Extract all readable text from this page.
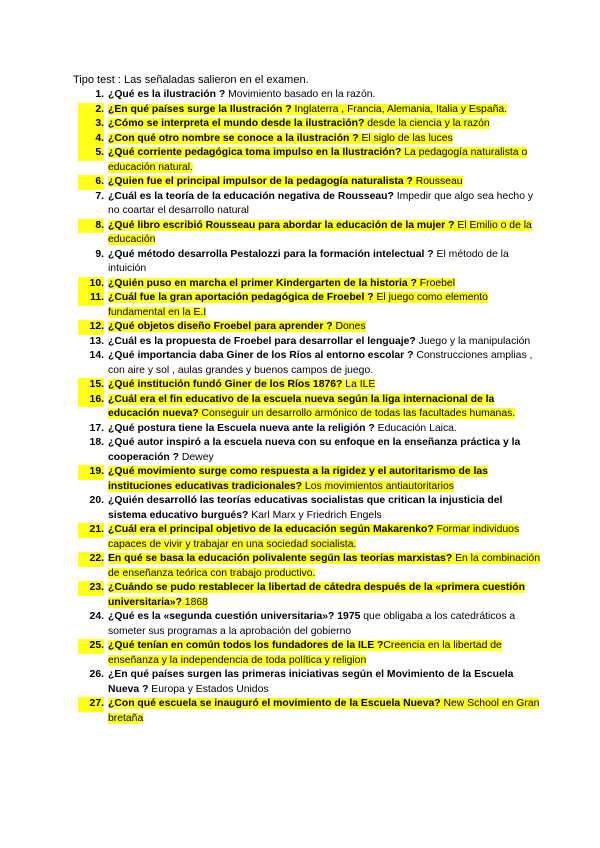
Tipo test : Las señaladas salieron en el examen.
1. ¿Qué es la ilustración ? Movimiento basado en la razón.
2. ¿En qué países surge la Ilustración ? Inglaterra , Francia, Alemania, Italia y España.
3. ¿Cómo se interpreta el mundo desde la ilustración? desde la ciencia y la razón
4. ¿Con qué otro nombre se conoce a la ilustración ? El siglo de las luces
5. ¿Qué corriente pedagógica toma impulso en la Ilustración? La pedagogía naturalista o educación natural.
6. ¿Quien fue el principal impulsor de la pedagogía naturalista ? Rousseau
7. ¿Cuál es la teoría de la educación negativa de Rousseau? Impedir que algo sea hecho y no coartar el desarrollo natural
8. ¿Qué libro escribió Rousseau para abordar la educación de la mujer ? El Emilio o de la educación
9. ¿Qué método desarrolla Pestalozzi para la formación intelectual ? El método de la intuición
10. ¿Quién puso en marcha el primer Kindergarten de la historia ? Froebel
11. ¿Cuál fue la gran aportación pedagógica de Froebel ? El juego como elemento fundamental en la E.I
12. ¿Qué objetos diseño Froebel para aprender ? Dones
13. ¿Cuál es la propuesta de Froebel para desarrollar el lenguaje? Juego y la manipulación
14. ¿Qué importancia daba Giner de los Ríos al entorno escolar ? Construcciones amplias , con aire y sol , aulas grandes y buenos campos de juego.
15. ¿Qué institución fundó Giner de los Ríos 1876? La ILE
16. ¿Cuál era el fin educativo de la escuela nueva según la liga internacional de la educación nueva? Conseguir un desarrollo armónico de todas las facultades humanas.
17. ¿Qué postura tiene la Escuela nueva ante la religión ? Educación Laica.
18. ¿Qué autor inspiró a la escuela nueva con su enfoque en la enseñanza práctica y la cooperación ? Dewey
19. ¿Qué movimiento surge como respuesta a la rigidez y el autoritarismo de las instituciones educativas tradicionales? Los movimientos antiautoritarios
20. ¿Quién desarrolló las teorías educativas socialistas que critican la injusticia del sistema educativo burgués? Karl Marx y Friedrich Engels
21. ¿Cuál era el principal objetivo de la educación según Makarenko? Formar individuos capaces de vivir y trabajar en una sociedad socialista.
22. En qué se basa la educación polivalente según las teorías marxistas? En la combinación de enseñanza teórica con trabajo productivo.
23. ¿Cuándo se pudo restablecer la libertad de cátedra después de la «primera cuestión universitaria»? 1868
24. ¿Qué es la «segunda cuestión universitaria»? 1975 que obligaba a los catedráticos a someter sus programas a la aprobación del gobierno
25. ¿Qué tenían en común todos los fundadores de la ILE ?Creencia en la libertad de enseñanza y la independencia de toda política y religion
26. ¿En qué países surgen las primeras iniciativas según el Movimiento de la Escuela Nueva ? Europa y Estados Unidos
27. ¿Con qué escuela se inauguró el movimiento de la Escuela Nueva? New School en Gran bretaña
